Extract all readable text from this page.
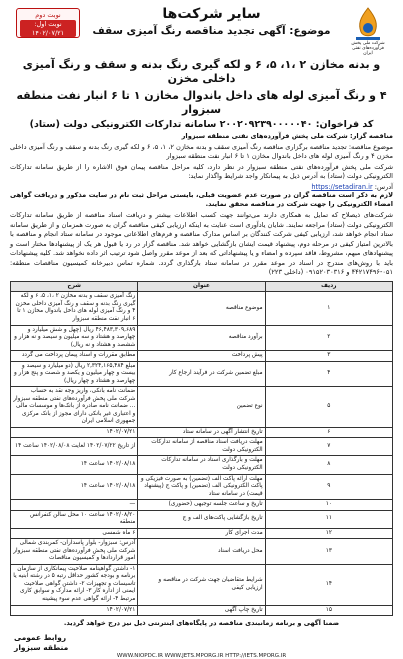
شرکت ملی پخش فرآورده‌های نفتی ایران
نوبت دوم
نوبت اول: ۱۴۰۲/۰۷/۲۱
سایر شرکت‌ها
موضوع: آگهی تجدید مناقصه رنگ آمیزی سقف
و بدنه مخازن ۲ ،۱، ۵، ۶ و لکه گیری رنگ بدنه و سقف و رنگ آمیزی داخلی مخزن
۴ و رنگ آمیزی لوله های داخل باندوال مخازن ۱ تا ۶ انبار نفت منطقه سبزوار
کد فراخوان: ۲۰۰۲۰۹۲۳۹۰۰۰۰۰۴۰ سامانه تدارکات الکترونیکی دولت (ستاد)
مناقصه گزار: شرکت ملی پخش فرآورده‌های نفتی منطقه سبزوار
موضوع مناقصه: تجدید مناقصه برگزاری مناقصه رنگ آمیزی سقف و بدنه مخازن ۲، ۱، ۵، ۶ و لکه گیری رنگ بدنه و سقف و رنگ آمیزی داخلی مخزن ۴ و رنگ آمیزی لوله های داخل باندوال مخازن ۱ تا ۶ انبار نفت منطقه سبزوار
شرکت ملی پخش فرآورده‌های نفتی منطقه سبزوار در نظر دارد، کلیه مراحل مناقصه پیمان فوق الاشاره را از طریق سامانه تدارکات الکترونیکی دولت (ستاد) به آدرس ذیل به پیمانکار واجد شرایط واگذار نماید:
آدرس: https://setadiran.ir
لازم به ذکر است مناقصه گران در صورت عدم عضویت قبلی، بایستی مراحل ثبت نام در سایت مذکور و دریافت گواهی امضاء الکترونیکی را جهت شرکت در مناقصه محقق نمایند.
شرکت‌های ذیصلاح که تمایل به همکاری دارند می‌توانند جهت کسب اطلاعات بیشتر و دریافت اسناد مناقصه از طریق سامانه تدارکات الکترونیکی دولت (ستاد) مراجعه نمایند. شایان یادآوری است عنایت به اینکه ارزیابی کیفی مناقصه گران به صورت همزمان و از طریق سامانه ستاد انجام خواهد شد، ارزیابی کیفی شرکت کنندگان بر اساس مدارک مناقصه و فرم‌های اطلاعاتی موجود در سامانه ستاد انجام و مناقصه با بالاترین امتیاز کیفی در مرحله دوم، پیشنهاد قیمت ایشان بازگشایی خواهد شد. مناقصه گزار در رد یا قبول هر یک از پیشنهادها مختار است و پیشنهادهای مبهم، مشروط، فاقد سپرده و امضاء و یا پیشنهاداتی که بعد از موعد مقرر واصل شود ترتیب اثر داده نخواهد شد. کلیه پیشنهادات باید با روش‌های مندرج در اسناد در موعد مقرر در سامانه ستاد بارگذاری گردد. شماره تماس دبیرخانه کمیسیون مناقصات منطقه: ۰۵۱-۴۴۲۱۷۴۹۶ و ۰۹۱۵۲۰۳۰۳۱۶ (داخلی ۲۲۳)
ردیف	عنوان	شرح
۱	موضوع مناقصه	رنگ آمیزی سقف و بدنه مخازن ۲ ،۱، ۵، ۶ و لکه گیری رنگ بدنه و سقف و رنگ آمیزی داخلی مخزن ۴ و رنگ آمیزی لوله های داخل باندوال مخازن ۱ تا ۶ انبار نفت منطقه سبزوار
۲	برآورد مناقصه	۴۶,۴۸۳,۳۰۹,۶۸۹ ریال (چهل و شش میلیارد و چهارصد و هشتاد و سه میلیون و سیصد و نه هزار و ششصد و هشتاد و نه ریال)
۳	پیش پرداخت	مطابق مقررات و اسناد پیمان پرداخت می گردد
۴	مبلغ تضمین شرکت در فرآیند ارجاع کار	مبلغ ۲,۳۲۴,۱۶۵,۴۸۴ ریال (دو میلیارد و سیصد و بیست و چهار میلیون و یکصد و شصت و پنج هزار و چهارصد و هشتاد و چهار ریال)
۵	نوع تضمین	ضمانت نامه بانکی، واریز وجه نقد به حساب شرکت ملی پخش فرآورده‌های نفتی منطقه سبزوار ... ضمانت نامه صادره از بانک‌ها و موسسات مالی و اعتباری غیر بانکی دارای مجوز از بانک مرکزی جمهوری اسلامی ایران
۶	تاریخ انتشار آگهی در سامانه ستاد	۱۴۰۲/۰۷/۲۱
۷	مهلت دریافت اسناد مناقصه از سامانه تدارکات الکترونیکی دولت	از تاریخ ۱۴۰۲/۰۷/۲۲ لغایت ۱۴۰۲/۰۸/۰۸ ساعت ۱۴
۸	مهلت و بارگذاری اسناد در سامانه تدارکات الکترونیکی دولت	۱۴۰۲/۰۸/۱۸ ساعت ۱۴
۹	مهلت ارائه پاکت الف (تضمین) به صورت فیزیکی و پاکت الکترونیکی الف (تضمین) و پاکت ج (پیشنهاد قیمت) در سامانه ستاد	۱۴۰۲/۰۸/۱۸ ساعت ۱۴
۱۰	تاریخ و ساعت جلسه توجیهی (حضوری)	—
۱۱	تاریخ بازگشایی پاکت‌های الف و ج	۱۴۰۲/۰۸/۲۰ ساعت ۱۰ محل سالن کنفرانس منطقه
۱۲	مدت اجرای کار	۶ ماه شمسی
۱۳	محل دریافت اسناد	آدرس: سبزوار- بلوار پاسداران- کمربندی شمالی شرکت ملی پخش فرآورده‌های نفتی منطقه سبزوار امور قراردادها و کمیسیون مناقصات
۱۴	شرایط متقاضیان جهت شرکت در مناقصه و ارزیابی کیفی	۱- داشتن گواهینامه صلاحیت پیمانکاری از سازمان برنامه و بودجه کشور حداقل رتبه ۵ در رشته ابنیه یا تاسیسات و تجهیزات ۲- داشتن گواهی صلاحیت ایمنی از اداره کار ۳- ارائه مدارک و سوابق کاری مرتبط ۴- ارائه گواهی عدم سوء پیشینه
۱۵	تاریخ چاپ آگهی	۱۴۰۲/۰۷/۲۱
ضمنا آگهی و برنامه زمانبندی مناقصه در پایگاه‌های اینترنتی ذیل نیز درج خواهد گردید.
روابط عمومی
منطقه سبزوار
WWW.NIOPDC.IR WWW.JETS.MPORG.IR HTTP://IETS.MPORG.IR
